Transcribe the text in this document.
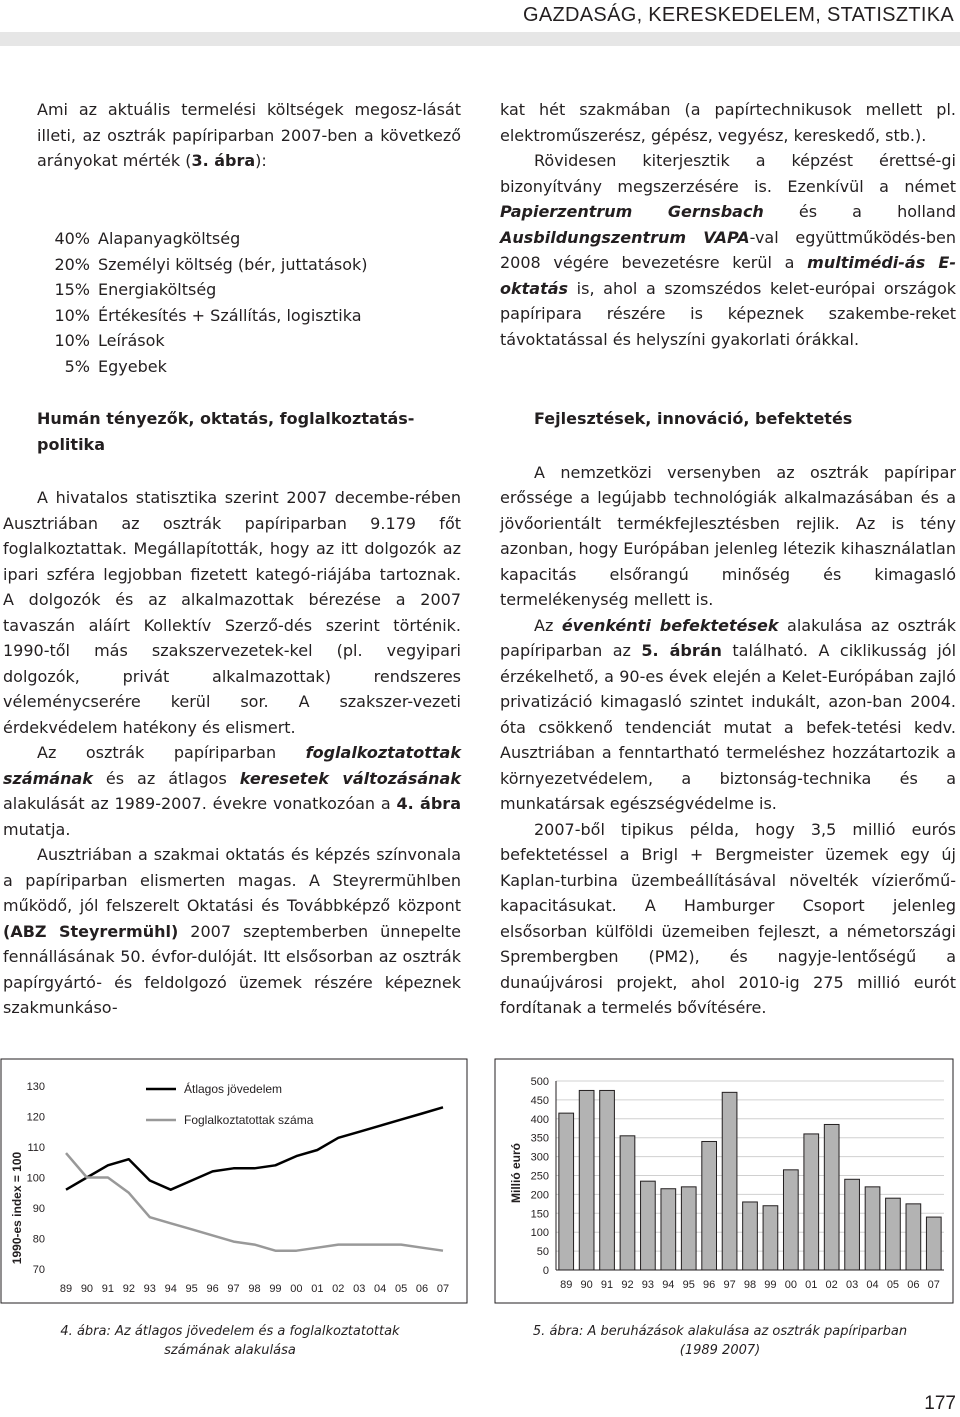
GAZDASÁG, KERESKEDELEM, STATISZTIKA

Ami az aktuális termelési költségek megosz-lását illeti, az osztrák papíriparban 2007-ben a következő arányokat mérték (3. ábra):

40% Alapanyagköltség
20% Személyi költség (bér, juttatások)
15% Energiaköltség
10% Értékesítés + Szállítás, logisztika
10% Leírások
5% Egyebek

kat hét szakmában (a papírtechnikusok mellett pl. elektroműszerész, gépész, vegyész, kereskedő, stb.).

Rövidesen kiterjesztik a képzést érettsé-gi bizonyítvány megszerzésére is. Ezenkívül a német Papierzentrum Gernsbach és a holland Ausbildungszentrum VAPA-val együttműködés-ben 2008 végére bevezetésre kerül a multimédi-ás E-oktatás is, ahol a szomszédos kelet-európai országok papíripara részére is képeznek szakembe-reket távoktatással és helyszíni gyakorlati órákkal.

Humán tényezők, oktatás, foglalkoztatás-politika

A hivatalos statisztika szerint 2007 decembe-rében Ausztriában az osztrák papíriparban 9.179 főt foglalkoztattak. Megállapították, hogy az itt dolgozók az ipari szféra legjobban fizetett kategó-riájába tartoznak. A dolgozók és az alkalmazottak bérezése a 2007 tavaszán aláírt Kollektív Szerző-dés szerint történik. 1990-től más szakszervezetek-kel (pl. vegyipari dolgozók, privát alkalmazottak) rendszeres véleménycserére kerül sor. A szakszer-vezeti érdekvédelem hatékony és elismert.

Az osztrák papíriparban foglalkoztatottak számának és az átlagos keresetek változásának alakulását az 1989-2007. évekre vonatkozóan a 4. ábra mutatja.

Ausztriában a szakmai oktatás és képzés színvonala a papíriparban elismerten magas. A Steyrermühlben működő, jól felszerelt Oktatási és Továbbképző központ (ABZ Steyrermühl) 2007 szeptemberben ünnepelte fennállásának 50. évfor-dulóját. Itt elsősorban az osztrák papírgyártó- és feldolgozó üzemek részére képeznek szakmunkáso-

Fejlesztések, innováció, befektetés

A nemzetközi versenyben az osztrák papíripar erőssége a legújabb technológiák alkalmazásában és a jövőorientált termékfejlesztésben rejlik. Az is tény azonban, hogy Európában jelenleg létezik kihasználatlan kapacitás elsőrangú minőség és kimagasló termelékenység mellett is.

Az évenkénti befektetések alakulása az osztrák papíriparban az 5. ábrán található. A ciklikusság jól érzékelhető, a 90-es évek elején a Kelet-Európában zajló privatizáció kimagasló szintet indukált, azon-ban 2004. óta csökkenő tendenciát mutat a befek-tetési kedv. Ausztriában a fenntartható termeléshez hozzátartozik a környezetvédelem, a biztonság-technika és a munkatársak egészségvédelme is.

2007-ből tipikus példa, hogy 3,5 millió eurós befektetéssel a Brigl + Bergmeister üzemek egy új Kaplan-turbina üzembeállításával növelték vízierőmű-kapacitásukat. A Hamburger Csoport jelenleg elsősorban külföldi üzemeiben fejleszt, a németországi Sprembergben (PM2), és nagyje-lentőségű a dunaújvárosi projekt, ahol 2010-ig 275 millió eurót fordítanak a termelés bővítésére.

1990-es index = 100
70
80
90
100
110
120
130
89 90 91 92 93 94 95 96 97 98 99 00 01 02 03 04 05 06 07
Átlagos jövedelem
Foglalkoztatottak száma
Millió euró
0
50
100
150
200
250
300
350
400
450
500
89 90 91 92 93 94 95 96 97 98 99 00 01 02 03 04 05 06 07
4. ábra: Az átlagos jövedelem és a foglalkoztatottak számának alakulása
5. ábra: A beruházások alakulása az osztrák papíriparban (1989 2007)
177
